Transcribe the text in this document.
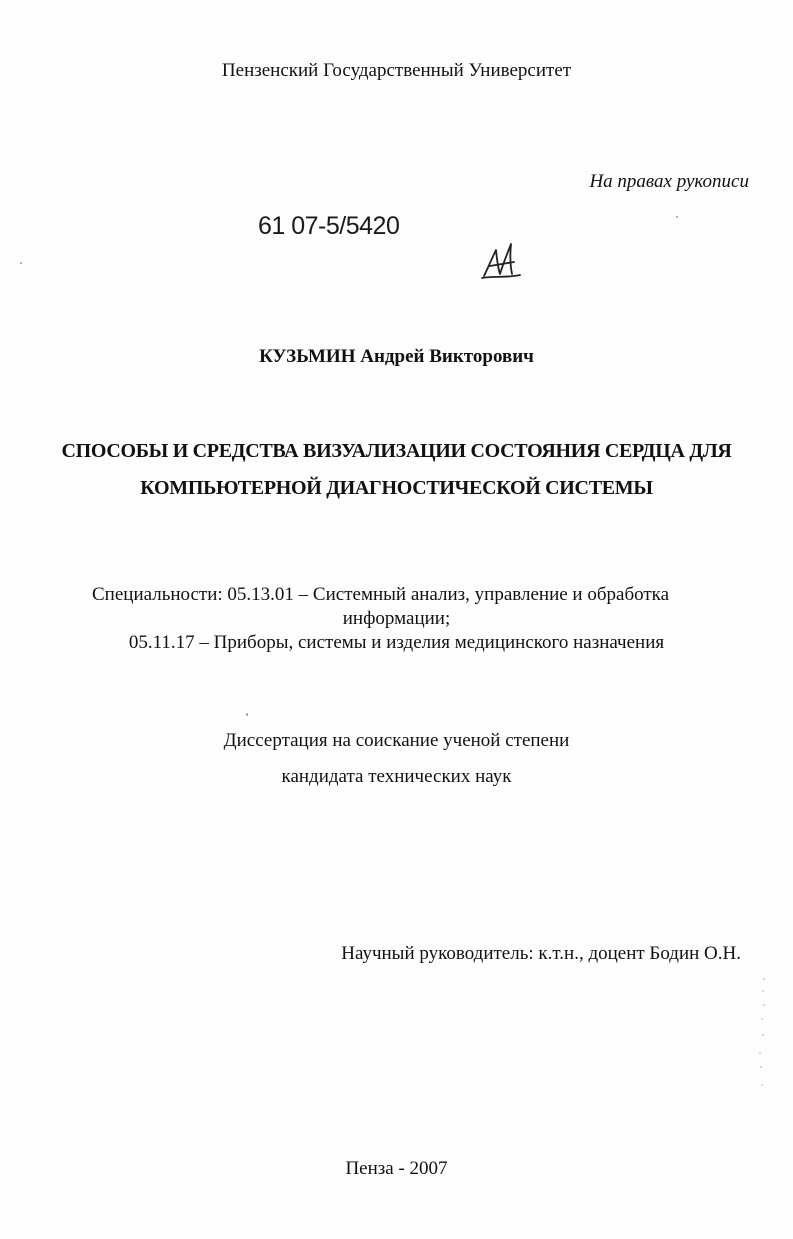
Пензенский Государственный Университет
На правах рукописи
61 07-5/5420
КУЗЬМИН Андрей Викторович
СПОСОБЫ И СРЕДСТВА ВИЗУАЛИЗАЦИИ СОСТОЯНИЯ СЕРДЦА ДЛЯ
КОМПЬЮТЕРНОЙ ДИАГНОСТИЧЕСКОЙ СИСТЕМЫ
Специальности: 05.13.01 – Системный анализ, управление и обработка
информации;
05.11.17 – Приборы, системы и изделия медицинского назначения
Диссертация на соискание ученой степени
кандидата технических наук
Научный руководитель: к.т.н., доцент Бодин О.Н.
Пенза - 2007
